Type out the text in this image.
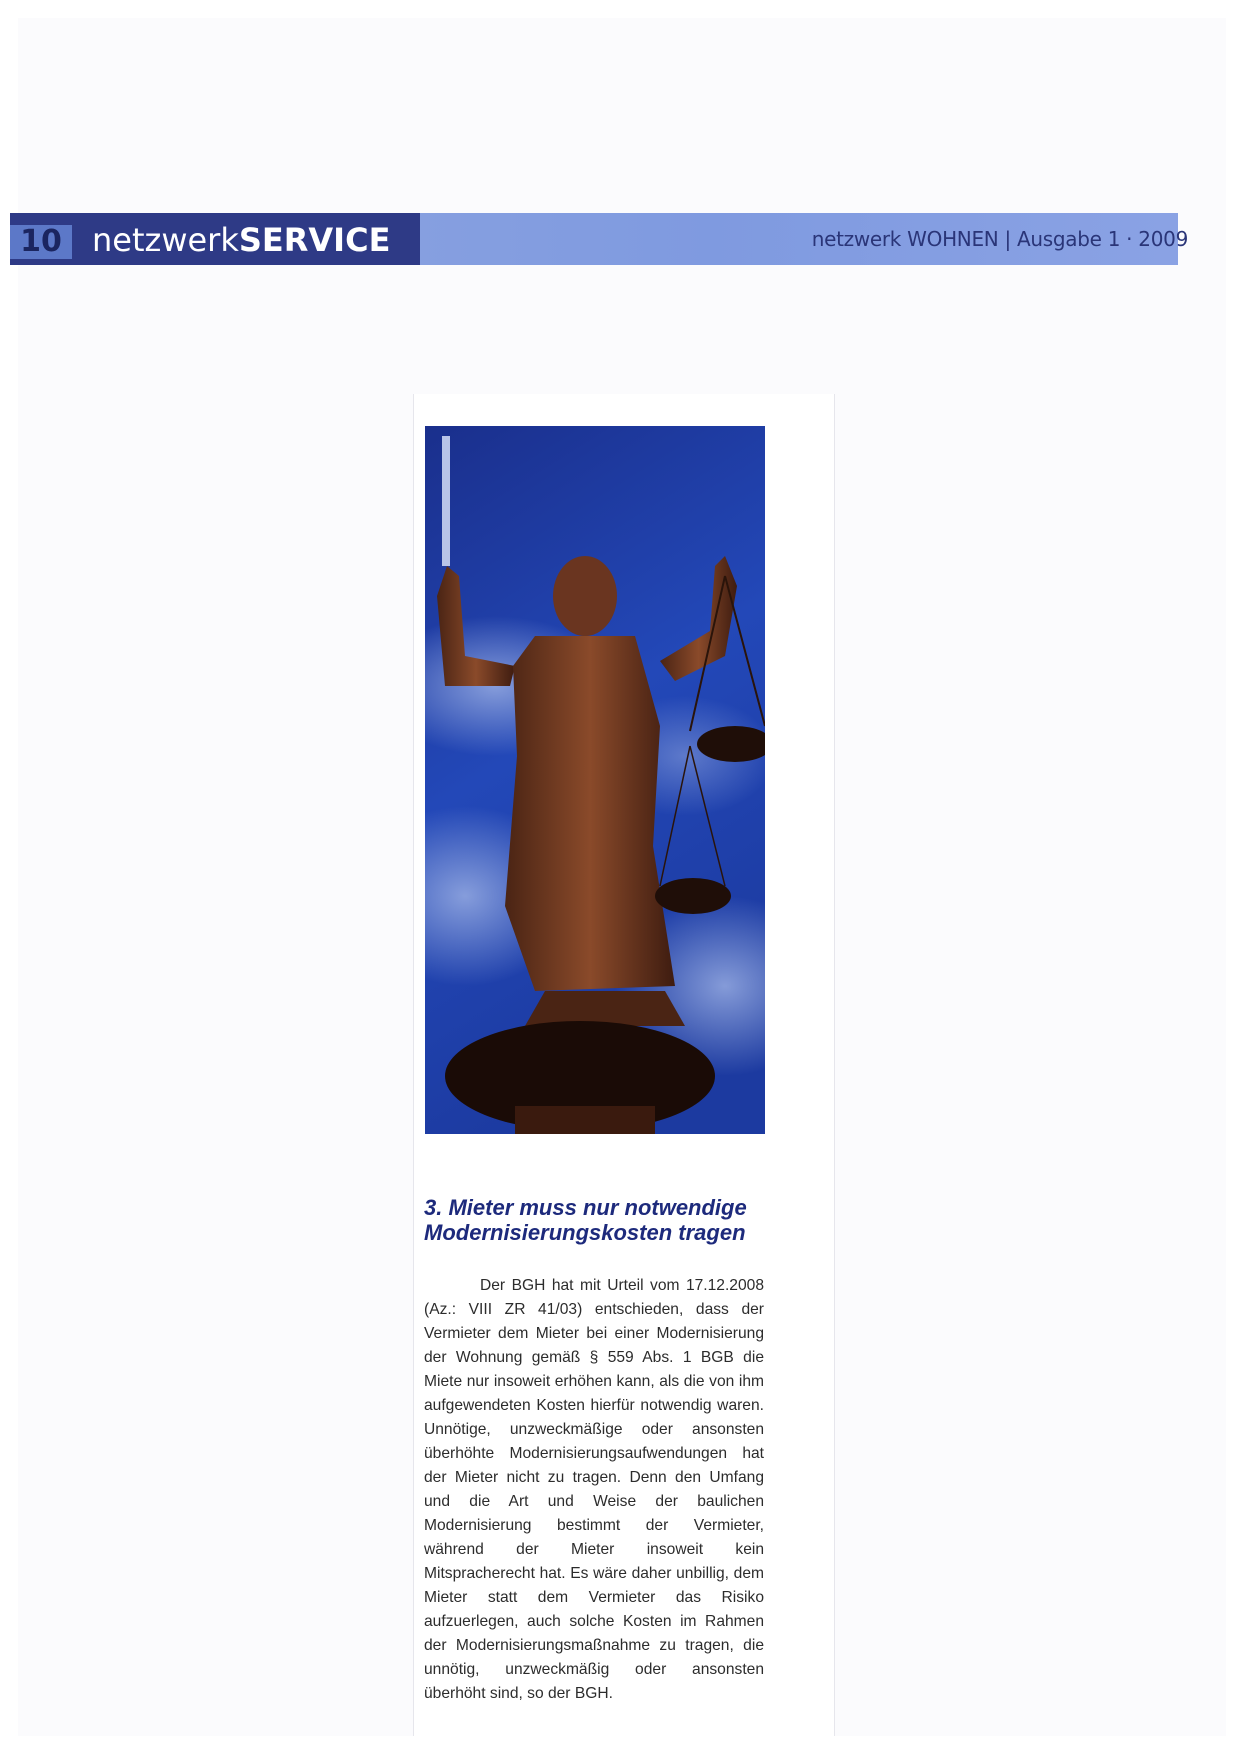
10 netzwerkSERVICE	netzwerk WOHNEN | Ausgabe 1 · 2009
3. Mieter muss nur notwendige Modernisierungskosten tragen

Der BGH hat mit Urteil vom 17.12.2008 (Az.: VIII ZR 41/03) entschieden, dass der Vermieter dem Mieter bei einer Modernisierung der Wohnung gemäß § 559 Abs. 1 BGB die Miete nur insoweit erhöhen kann, als die von ihm aufgewendeten Kosten hierfür notwendig waren. Unnötige, unzweckmäßige oder ansonsten überhöhte Modernisierungsaufwendungen hat der Mieter nicht zu tragen. Denn den Umfang und die Art und Weise der baulichen Modernisierung bestimmt der Vermieter, während der Mieter insoweit kein Mitspracherecht hat. Es wäre daher unbillig, dem Mieter statt dem Vermieter das Risiko aufzuerlegen, auch solche Kosten im Rahmen der Modernisierungsmaßnahme zu tragen, die unnötig, unzweckmäßig oder ansonsten überhöht sind, so der BGH.
